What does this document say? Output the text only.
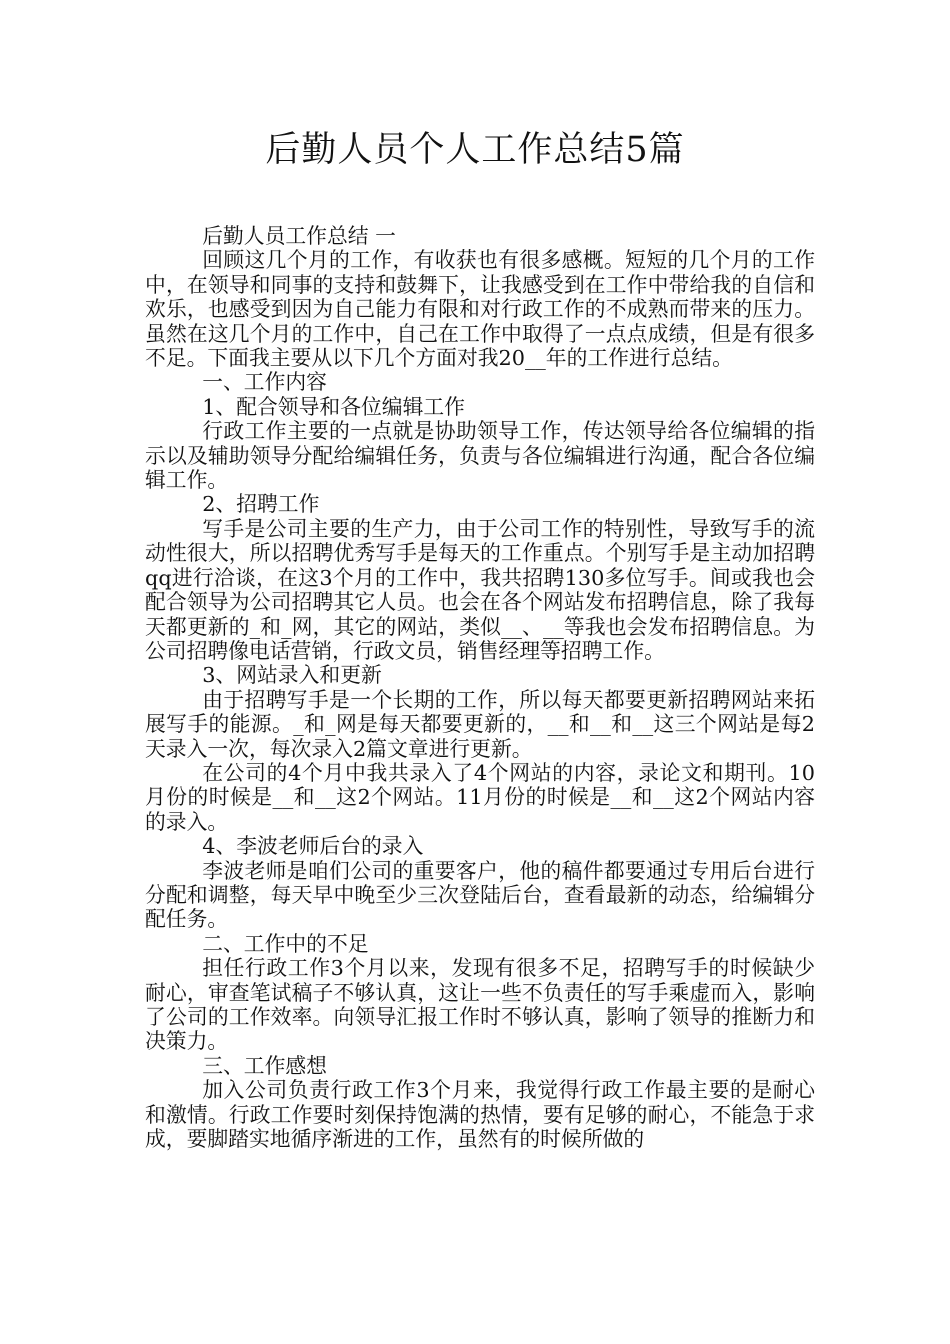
后勤人员个人工作总结5篇

后勤人员工作总结 一

回顾这几个月的工作，有收获也有很多感概。短短的几个月的工作中，在领导和同事的支持和鼓舞下，让我感受到在工作中带给我的自信和欢乐，也感受到因为自己能力有限和对行政工作的不成熟而带来的压力。虽然在这几个月的工作中，自己在工作中取得了一点点成绩，但是有很多不足。下面我主要从以下几个方面对我20__年的工作进行总结。

一、工作内容

1、配合领导和各位编辑工作

行政工作主要的一点就是协助领导工作，传达领导给各位编辑的指示以及辅助领导分配给编辑任务，负责与各位编辑进行沟通，配合各位编辑工作。

2、招聘工作

写手是公司主要的生产力，由于公司工作的特别性，导致写手的流动性很大，所以招聘优秀写手是每天的工作重点。个别写手是主动加招聘qq进行洽谈，在这3个月的工作中，我共招聘130多位写手。间或我也会配合领导为公司招聘其它人员。也会在各个网站发布招聘信息，除了我每天都更新的_和_网，其它的网站，类似__、__等我也会发布招聘信息。为公司招聘像电话营销，行政文员，销售经理等招聘工作。

3、网站录入和更新

由于招聘写手是一个长期的工作，所以每天都要更新招聘网站来拓展写手的能源。_和_网是每天都要更新的，__和__和__这三个网站是每2天录入一次，每次录入2篇文章进行更新。

在公司的4个月中我共录入了4个网站的内容，录论文和期刊。10月份的时候是__和__这2个网站。11月份的时候是__和__这2个网站内容的录入。

4、李波老师后台的录入

李波老师是咱们公司的重要客户，他的稿件都要通过专用后台进行分配和调整，每天早中晚至少三次登陆后台，查看最新的动态，给编辑分配任务。

二、工作中的不足

担任行政工作3个月以来，发现有很多不足，招聘写手的时候缺少耐心，审查笔试稿子不够认真，这让一些不负责任的写手乘虚而入，影响了公司的工作效率。向领导汇报工作时不够认真，影响了领导的推断力和决策力。

三、工作感想

加入公司负责行政工作3个月来，我觉得行政工作最主要的是耐心和激情。行政工作要时刻保持饱满的热情，要有足够的耐心，不能急于求成，要脚踏实地循序渐进的工作，虽然有的时候所做的
